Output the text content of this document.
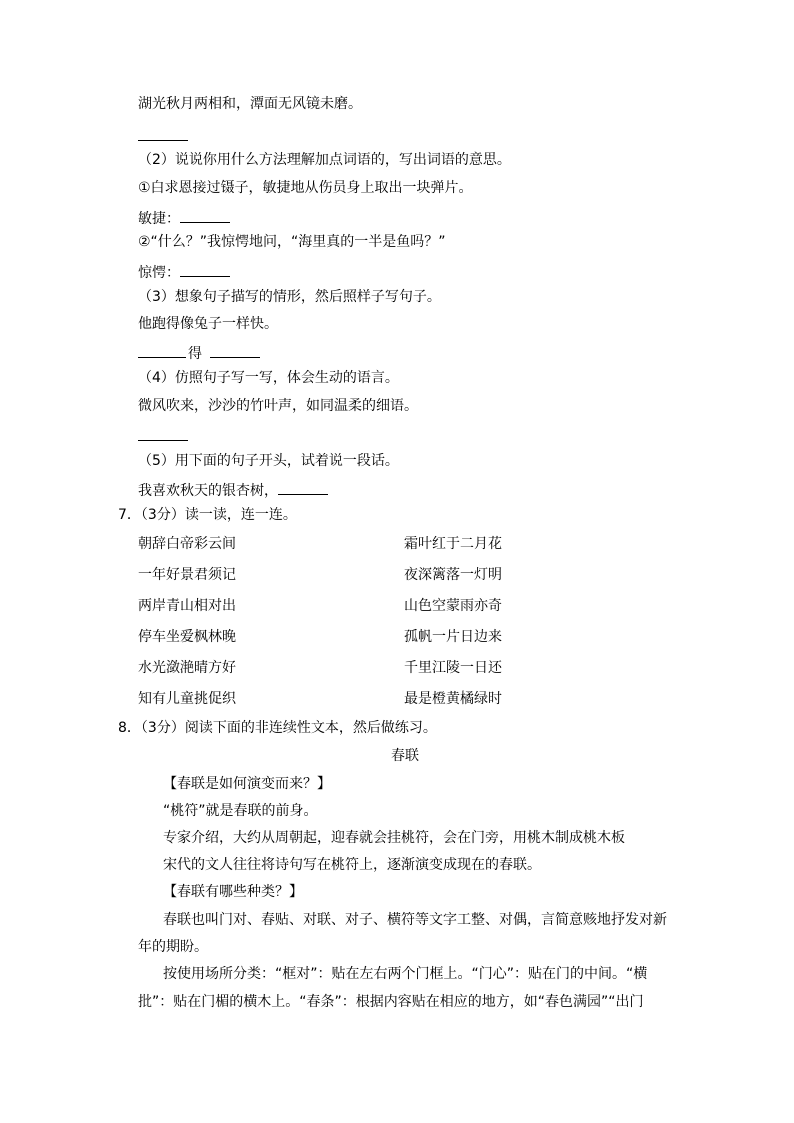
湖光秋月两相和，潭面无风镜未磨。
（2）说说你用什么方法理解加点词语的，写出词语的意思。
①白求恩接过镊子，敏捷地从伤员身上取出一块弹片。
敏捷：
②“什么？”我惊愕地问，“海里真的一半是鱼吗？”
惊愕：
（3）想象句子描写的情形，然后照样子写句子。
他跑得像兔子一样快。
得
（4）仿照句子写一写，体会生动的语言。
微风吹来，沙沙的竹叶声，如同温柔的细语。
（5）用下面的句子开头，试着说一段话。
我喜欢秋天的银杏树，
7．（3分）读一读，连一连。
朝辞白帝彩云间	霜叶红于二月花
一年好景君须记	夜深篱落一灯明
两岸青山相对出	山色空蒙雨亦奇
停车坐爱枫林晚	孤帆一片日边来
水光潋滟晴方好	千里江陵一日还
知有儿童挑促织	最是橙黄橘绿时
8．（3分）阅读下面的非连续性文本，然后做练习。
春联
【春联是如何演变而来？】
“桃符”就是春联的前身。
专家介绍，大约从周朝起，迎春就会挂桃符，会在门旁，用桃木制成桃木板
宋代的文人往往将诗句写在桃符上，逐渐演变成现在的春联。
【春联有哪些种类？】
春联也叫门对、春贴、对联、对子、横符等文字工整、对偶，言简意赅地抒发对新
年的期盼。
按使用场所分类：“框对”：贴在左右两个门框上。“门心”：贴在门的中间。“横
批”：贴在门楣的横木上。“春条”：根据内容贴在相应的地方，如“春色满园”“出门
